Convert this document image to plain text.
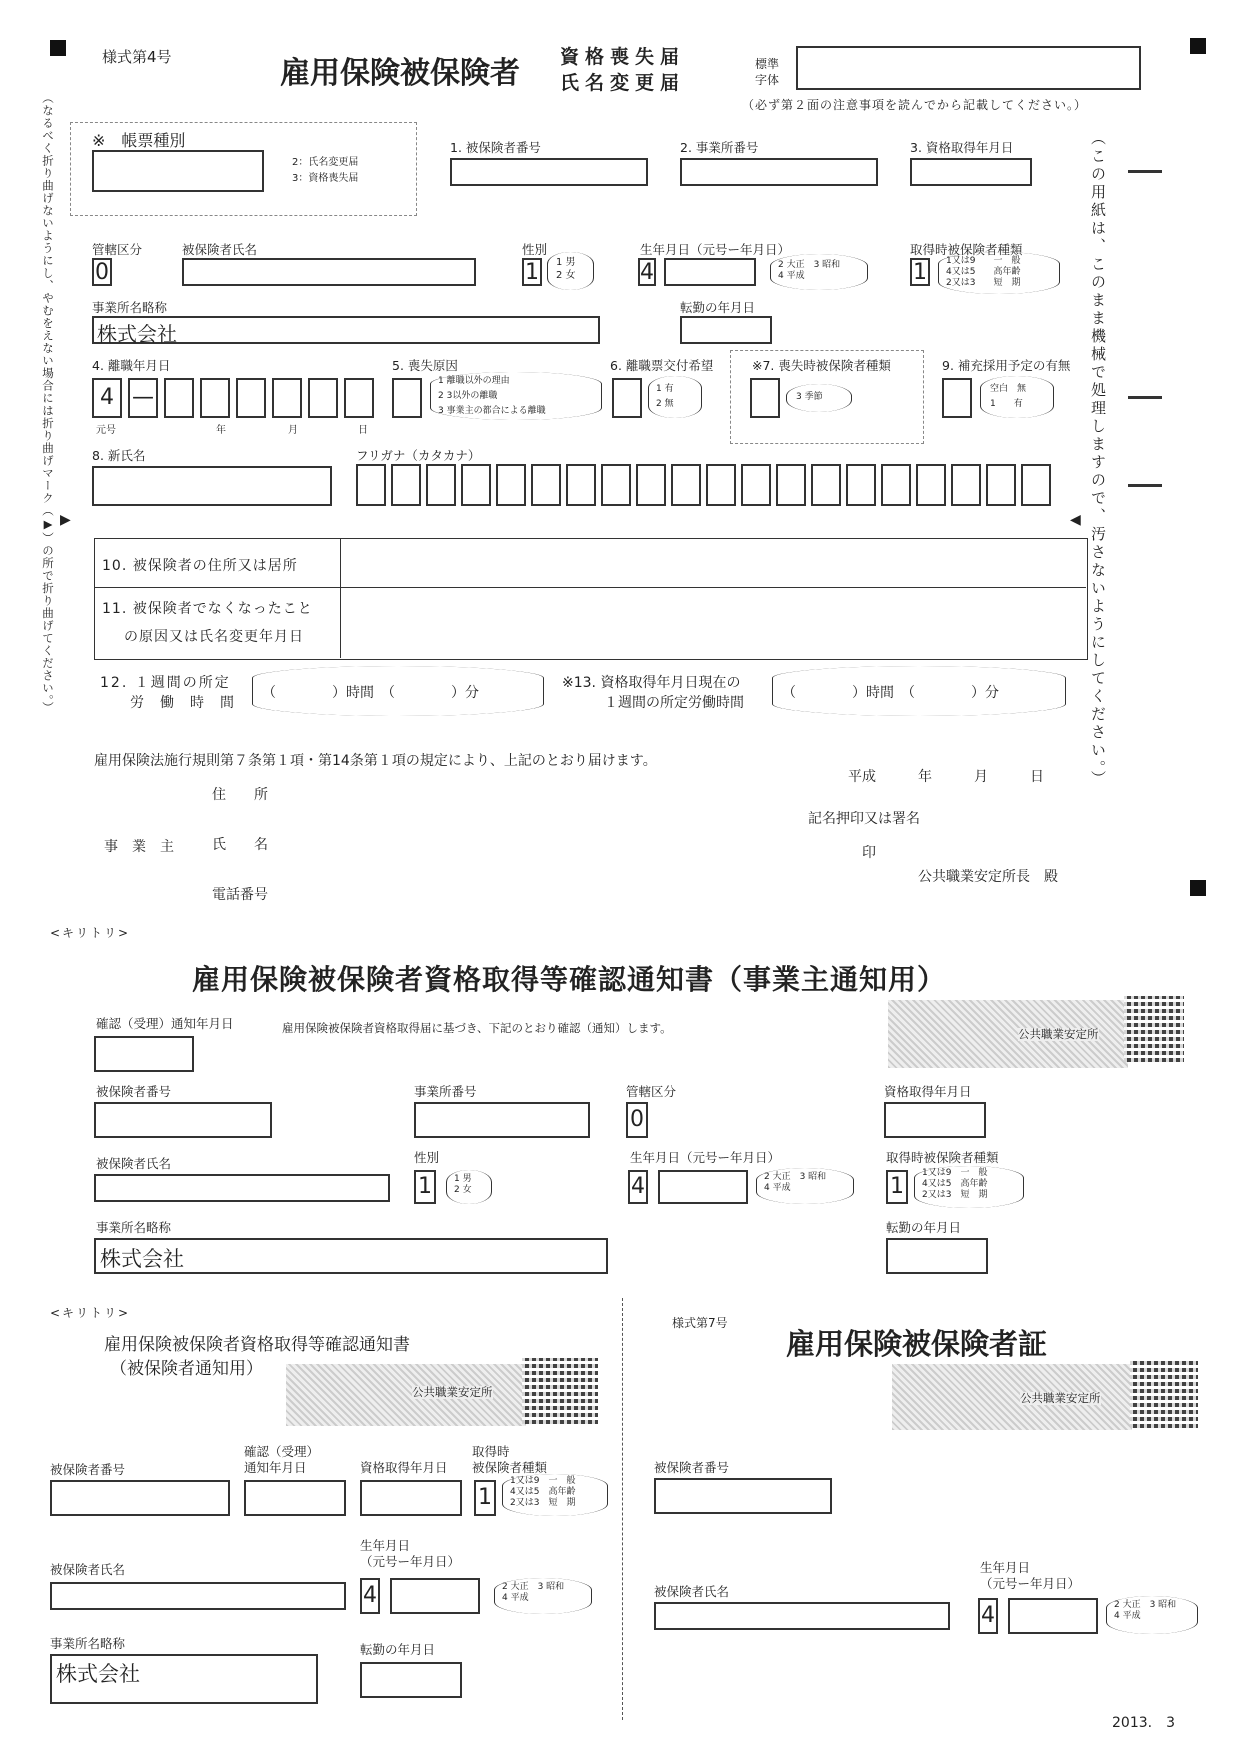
様式第4号	雇用保険被保険者 資格喪失届
氏名変更届
標準
字体
（必ず第２面の注意事項を読んでから記載してください。）
（なるべく折り曲げないようにし、やむをえない場合には折り曲げマーク（▶）の所で折り曲げてください。）	（この用紙は、このまま機械で処理しますので、汚さないようにしてください。）
▶	◀
※　帳票種別
2：氏名変更届
3：資格喪失届
1. 被保険者番号	2. 事業所番号	3. 資格取得年月日
管轄区分
0
被保険者氏名	性別
1	1 男
2 女
生年月日（元号ー年月日）
4	2 大正　3 昭和
4 平成
取得時被保険者種類
1	1又は9　　一　般
4又は5　　高年齢
2又は3　　短　期
事業所名略称
株式会社
転勤の年月日
4. 離職年月日
4 —
元号	年	月	日
5. 喪失原因
1 離職以外の理由
2 3以外の離職
3 事業主の都合による離職
6. 離職票交付希望
1 有
2 無
※7. 喪失時被保険者種類
3 季節
9. 補充採用予定の有無
空白　無
1　　有
8. 新氏名	フリガナ（カタカナ）
10. 被保険者の住所又は居所
11. 被保険者でなくなったこと
の原因又は氏名変更年月日
12. １週間の所定
労　働　時　間
（　　　　）時間　（　　　　）分
※13. 資格取得年月日現在の
１週間の所定労働時間
（　　　　）時間　（　　　　）分
雇用保険法施行規則第７条第１項・第14条第１項の規定により、上記のとおり届けます。
平成　　　年　　　月　　　日
住　　所
事　業　主	氏　　名
記名押印又は署名
印
公共職業安定所長　殿
電話番号
<キリトリ>
雇用保険被保険者資格取得等確認通知書（事業主通知用）
確認（受理）通知年月日	雇用保険被保険者資格取得届に基づき、下記のとおり確認（通知）します。	公共職業安定所
被保険者番号	事業所番号	管轄区分
0
資格取得年月日
被保険者氏名	性別
1	1 男
2 女
生年月日（元号ー年月日）
4	2 大正　3 昭和
4 平成
取得時被保険者種類
1
1又は9　一　般
4又は5　高年齢
2又は3　短　期
事業所名略称
株式会社
転勤の年月日
<キリトリ>
雇用保険被保険者資格取得等確認通知書
（被保険者通知用）
公共職業安定所
被保険者番号
確認（受理）
通知年月日	資格取得年月日
取得時
被保険者種類
1
1又は9　一　般
4又は5　高年齢
2又は3　短　期
生年月日
（元号ー年月日）
被保険者氏名
4	2 大正　3 昭和
4 平成
事業所名略称
株式会社
転勤の年月日
様式第7号
雇用保険被保険者証
公共職業安定所
被保険者番号
生年月日
（元号ー年月日）
被保険者氏名
4	2 大正　3 昭和
4 平成
2013.　3
